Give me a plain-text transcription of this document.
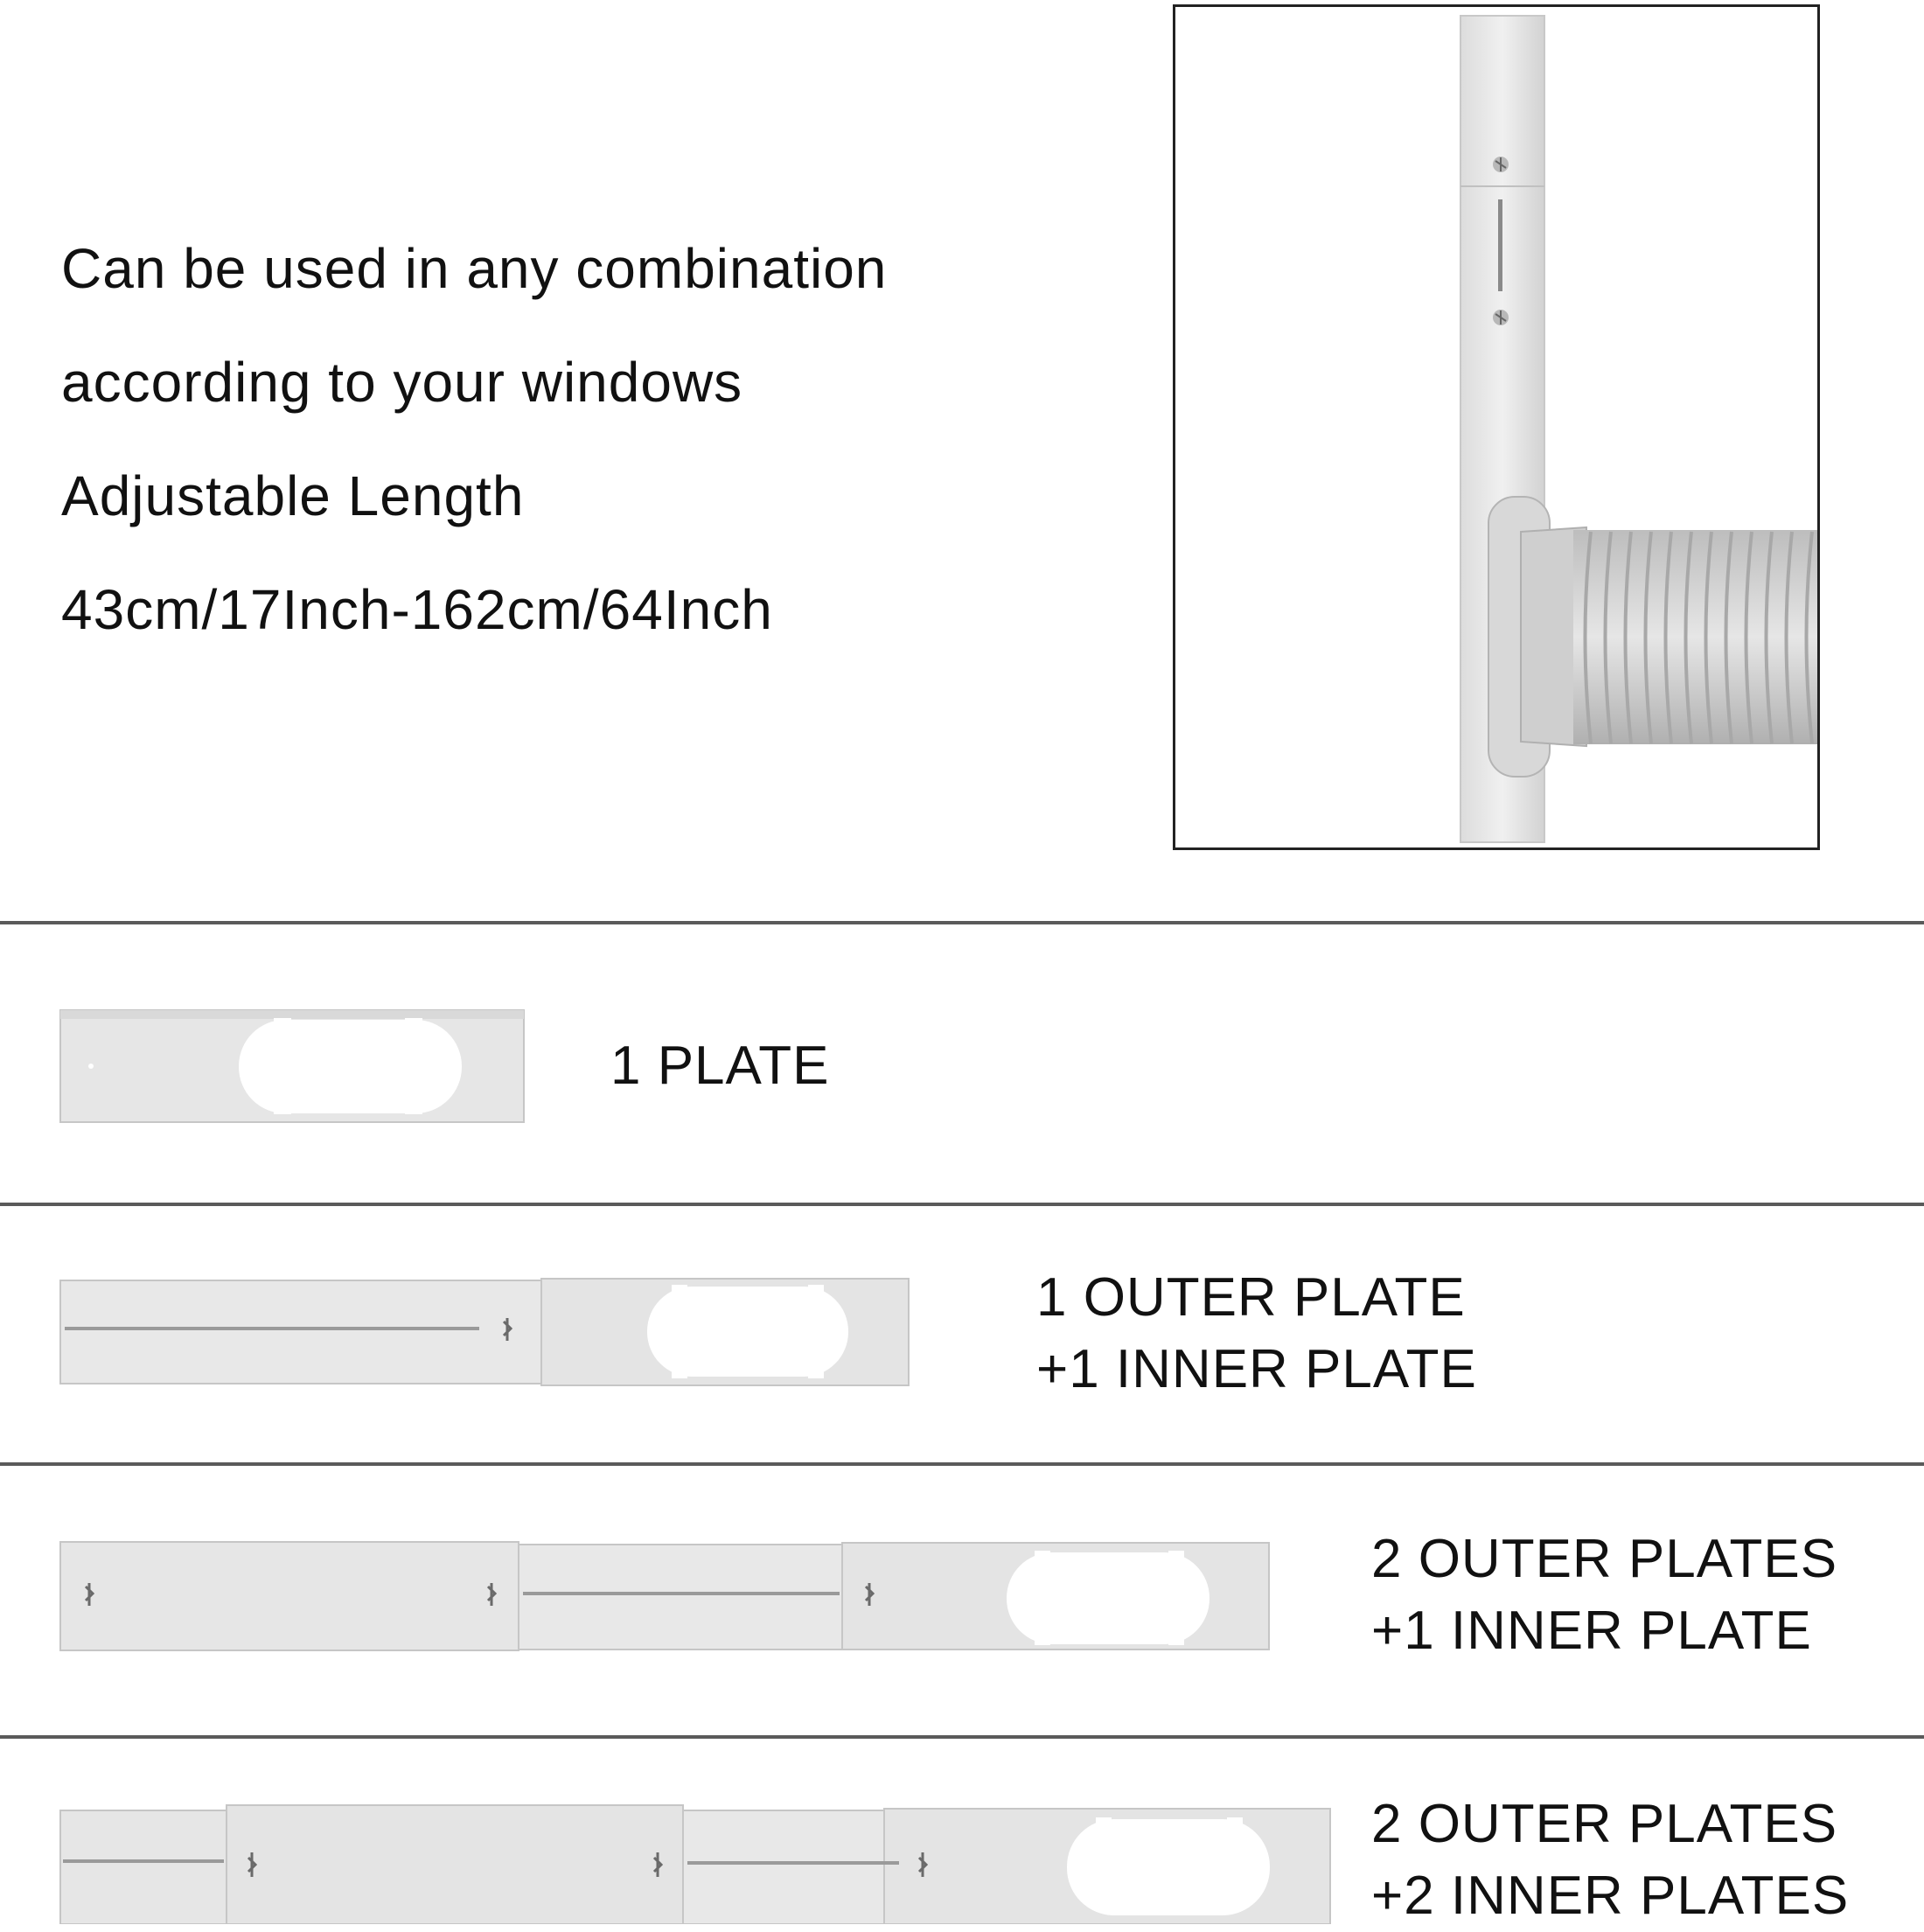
Can be used in any combination
according to your windows
Adjustable Length
43cm/17Inch-162cm/64Inch
1 PLATE
1 OUTER PLATE
+1 INNER PLATE
2 OUTER PLATES
+1 INNER PLATE
2 OUTER PLATES
+2 INNER PLATES
